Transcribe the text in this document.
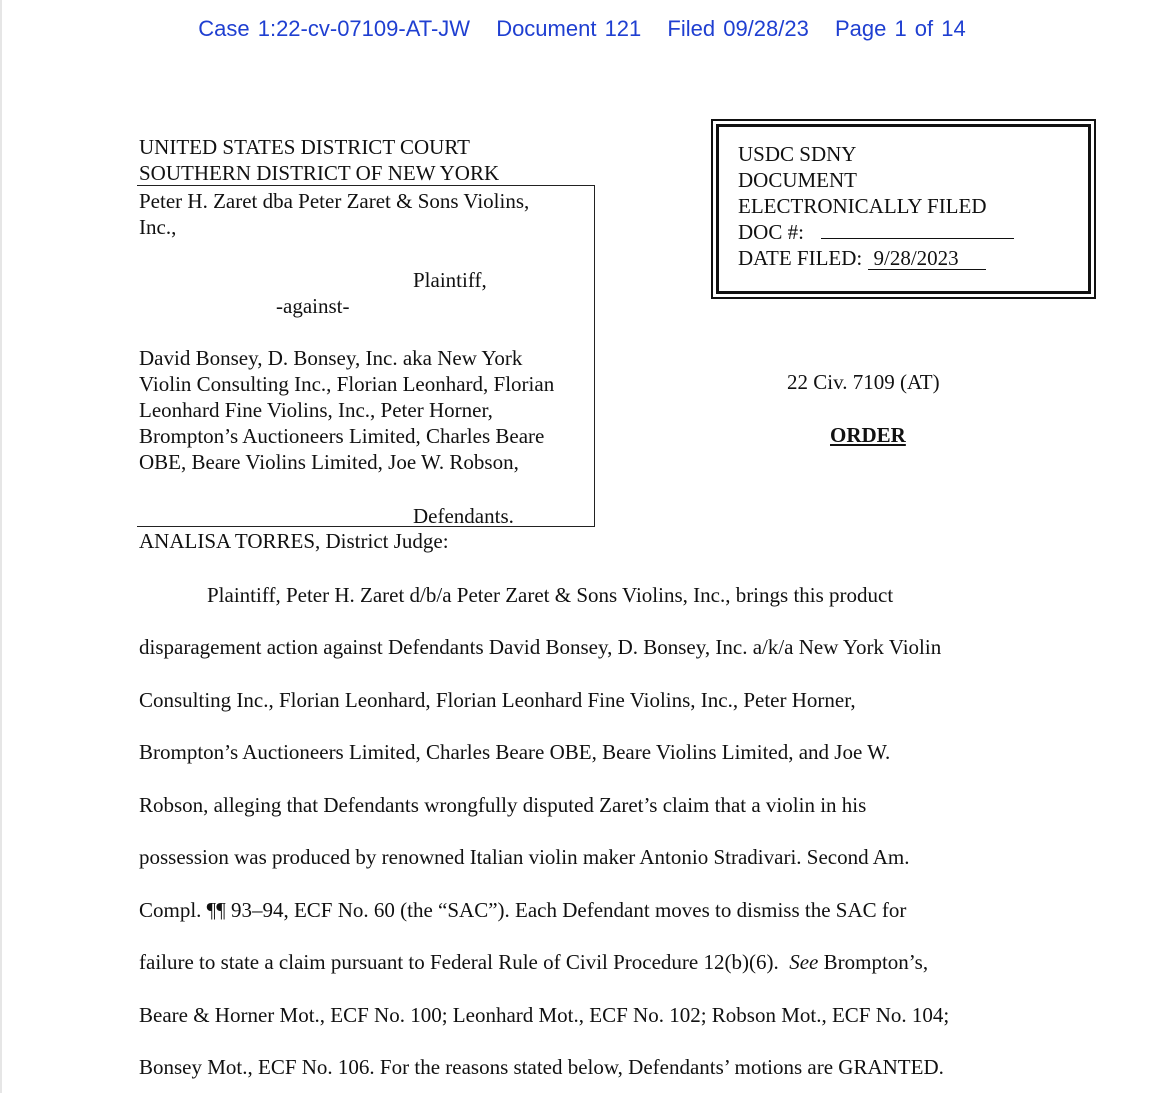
Case 1:22-cv-07109-AT-JW Document 121 Filed 09/28/23 Page 1 of 14
UNITED STATES DISTRICT COURT
SOUTHERN DISTRICT OF NEW YORK
Peter H. Zaret dba Peter Zaret & Sons Violins,
Inc.,
Plaintiff,
-against-
David Bonsey, D. Bonsey, Inc. aka New York
Violin Consulting Inc., Florian Leonhard, Florian
Leonhard Fine Violins, Inc., Peter Horner,
Brompton’s Auctioneers Limited, Charles Beare
OBE, Beare Violins Limited, Joe W. Robson,
Defendants.
USDC SDNY
DOCUMENT
ELECTRONICALLY FILED
DOC #:
DATE FILED: 9/28/2023
22 Civ. 7109 (AT)
ORDER
ANALISA TORRES, District Judge:
Plaintiff, Peter H. Zaret d/b/a Peter Zaret & Sons Violins, Inc., brings this product
disparagement action against Defendants David Bonsey, D. Bonsey, Inc. a/k/a New York Violin
Consulting Inc., Florian Leonhard, Florian Leonhard Fine Violins, Inc., Peter Horner,
Brompton’s Auctioneers Limited, Charles Beare OBE, Beare Violins Limited, and Joe W.
Robson, alleging that Defendants wrongfully disputed Zaret’s claim that a violin in his
possession was produced by renowned Italian violin maker Antonio Stradivari. Second Am.
Compl. ¶¶ 93–94, ECF No. 60 (the “SAC”). Each Defendant moves to dismiss the SAC for
failure to state a claim pursuant to Federal Rule of Civil Procedure 12(b)(6).  See Brompton’s,
Beare & Horner Mot., ECF No. 100; Leonhard Mot., ECF No. 102; Robson Mot., ECF No. 104;
Bonsey Mot., ECF No. 106. For the reasons stated below, Defendants’ motions are GRANTED.
